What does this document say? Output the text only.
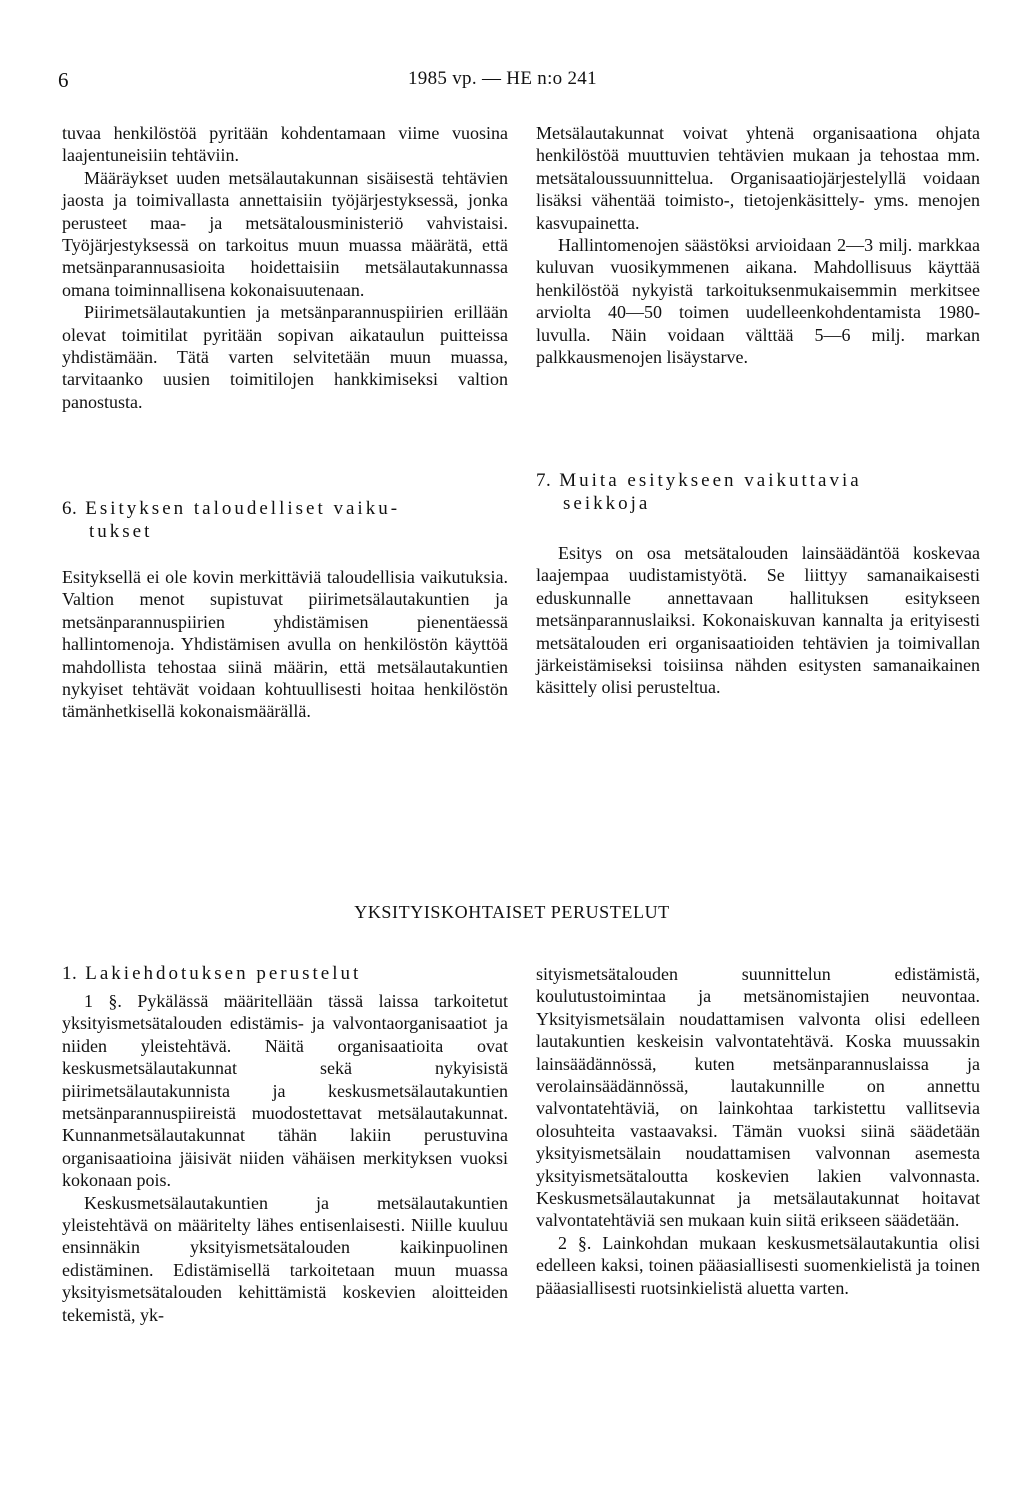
6	1985 vp. — HE n:o 241

tuvaa henkilöstöä pyritään kohdentamaan viime vuosina laajentuneisiin tehtäviin.

Määräykset uuden metsälautakunnan sisäisestä tehtävien jaosta ja toimivallasta annettaisiin työjärjestyksessä, jonka perusteet maa- ja metsätalousministeriö vahvistaisi. Työjärjestyksessä on tarkoitus muun muassa määrätä, että metsänparannusasioita hoidettaisiin metsälautakunnassa omana toiminnallisena kokonaisuutenaan.

Piirimetsälautakuntien ja metsänparannuspiirien erillään olevat toimitilat pyritään sopivan aikataulun puitteissa yhdistämään. Tätä varten selvitetään muun muassa, tarvitaanko uusien toimitilojen hankkimiseksi valtion panostusta.

Metsälautakunnat voivat yhtenä organisaationa ohjata henkilöstöä muuttuvien tehtävien mukaan ja tehostaa mm. metsätaloussuunnittelua. Organisaatiojärjestelyllä voidaan lisäksi vähentää toimisto-, tietojenkäsittely- yms. menojen kasvupainetta.

Hallintomenojen säästöksi arvioidaan 2—3 milj. markkaa kuluvan vuosikymmenen aikana. Mahdollisuus käyttää henkilöstöä nykyistä tarkoituksenmukaisemmin merkitsee arviolta 40—50 toimen uudelleenkohdentamista 1980-luvulla. Näin voidaan välttää 5—6 milj. markan palkkausmenojen lisäystarve.

6. Esityksen taloudelliset vaiku-
tukset

Esityksellä ei ole kovin merkittäviä taloudellisia vaikutuksia. Valtion menot supistuvat piirimetsälautakuntien ja metsänparannuspiirien yhdistämisen pienentäessä hallintomenoja. Yhdistämisen avulla on henkilöstön käyttöä mahdollista tehostaa siinä määrin, että metsälautakuntien nykyiset tehtävät voidaan kohtuullisesti hoitaa henkilöstön tämänhetkisellä kokonaismäärällä.

7. Muita esitykseen vaikuttavia
seikkoja

Esitys on osa metsätalouden lainsäädäntöä koskevaa laajempaa uudistamistyötä. Se liittyy samanaikaisesti eduskunnalle annettavaan hallituksen esitykseen metsänparannuslaiksi. Kokonaiskuvan kannalta ja erityisesti metsätalouden eri organisaatioiden tehtävien ja toimivallan järkeistämiseksi toisiinsa nähden esitysten samanaikainen käsittely olisi perusteltua.

YKSITYISKOHTAISET PERUSTELUT
1. Lakiehdotuksen perustelut

1 §. Pykälässä määritellään tässä laissa tarkoitetut yksityismetsätalouden edistämis- ja valvontaorganisaatiot ja niiden yleistehtävä. Näitä organisaatioita ovat keskusmetsälautakunnat sekä nykyisistä piirimetsälautakunnista ja keskusmetsälautakuntien metsänparannuspiireistä muodostettavat metsälautakunnat. Kunnanmetsälautakunnat tähän lakiin perustuvina organisaatioina jäisivät niiden vähäisen merkityksen vuoksi kokonaan pois.

Keskusmetsälautakuntien ja metsälautakuntien yleistehtävä on määritelty lähes entisenlaisesti. Niille kuuluu ensinnäkin yksityismetsätalouden kaikinpuolinen edistäminen. Edistämisellä tarkoitetaan muun muassa yksityismetsätalouden kehittämistä koskevien aloitteiden tekemistä, yk-

sityismetsätalouden suunnittelun edistämistä, koulutustoimintaa ja metsänomistajien neuvontaa. Yksityismetsälain noudattamisen valvonta olisi edelleen lautakuntien keskeisin valvontatehtävä. Koska muussakin lainsäädännössä, kuten metsänparannuslaissa ja verolainsäädännössä, lautakunnille on annettu valvontatehtäviä, on lainkohtaa tarkistettu vallitsevia olosuhteita vastaavaksi. Tämän vuoksi siinä säädetään yksityismetsälain noudattamisen valvonnan asemesta yksityismetsätaloutta koskevien lakien valvonnasta. Keskusmetsälautakunnat ja metsälautakunnat hoitavat valvontatehtäviä sen mukaan kuin siitä erikseen säädetään.

2 §. Lainkohdan mukaan keskusmetsälautakuntia olisi edelleen kaksi, toinen pääasiallisesti suomenkielistä ja toinen pääasiallisesti ruotsinkielistä aluetta varten.
